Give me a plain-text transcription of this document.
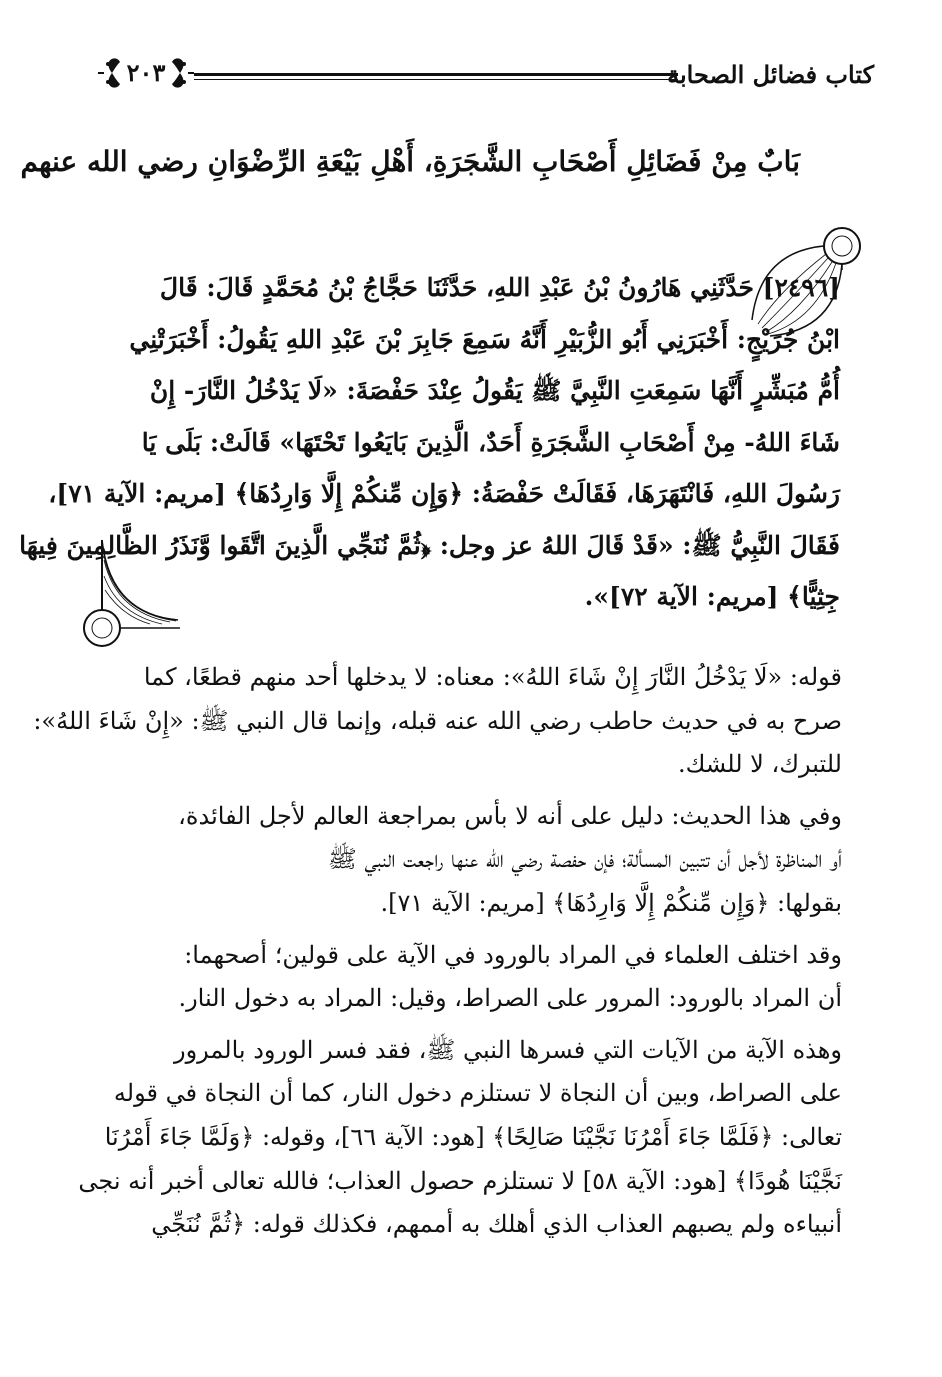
كتاب فضائل الصحابة
٢٠٣
بَابٌ مِنْ فَضَائِلِ أَصْحَابِ الشَّجَرَةِ، أَهْلِ بَيْعَةِ الرِّضْوَانِ رضي الله عنهم
[٢٤٩٦] حَدَّثَنِي هَارُونُ بْنُ عَبْدِ اللهِ، حَدَّثَنَا حَجَّاجُ بْنُ مُحَمَّدٍ قَالَ: قَالَ
ابْنُ جُرَيْجٍ: أَخْبَرَنِي أَبُو الزُّبَيْرِ أَنَّهُ سَمِعَ جَابِرَ بْنَ عَبْدِ اللهِ يَقُولُ: أَخْبَرَتْنِي
أُمُّ مُبَشِّرٍ أَنَّهَا سَمِعَتِ النَّبِيَّ ﷺ يَقُولُ عِنْدَ حَفْصَةَ: «لَا يَدْخُلُ النَّارَ- إِنْ
شَاءَ اللهُ- مِنْ أَصْحَابِ الشَّجَرَةِ أَحَدٌ، الَّذِينَ بَايَعُوا تَحْتَهَا» قَالَتْ: بَلَى يَا
رَسُولَ اللهِ، فَانْتَهَرَهَا، فَقَالَتْ حَفْصَةُ: ﴿وَإِن مِّنكُمْ إِلَّا وَارِدُهَا﴾ [مريم: الآية ٧١]،
فَقَالَ النَّبِيُّ ﷺ: «قَدْ قَالَ اللهُ عز وجل: ﴿ثُمَّ نُنَجِّي الَّذِينَ اتَّقَوا وَّنَذَرُ الظَّالِمِينَ فِيهَا
جِثِيًّا﴾ [مريم: الآية ٧٢]».
قوله: «لَا يَدْخُلُ النَّارَ إِنْ شَاءَ اللهُ»: معناه: لا يدخلها أحد منهم قطعًا، كما
صرح به في حديث حاطب رضي الله عنه قبله، وإنما قال النبي ﷺ: «إِنْ شَاءَ اللهُ»:
للتبرك، لا للشك.
وفي هذا الحديث: دليل على أنه لا بأس بمراجعة العالم لأجل الفائدة،
أو المناظرة لأجل أن تتبين المسألة؛ فإن حفصة رضي الله عنها راجعت النبي ﷺ
بقولها: ﴿وَإِن مِّنكُمْ إِلَّا وَارِدُهَا﴾ [مريم: الآية ٧١].
وقد اختلف العلماء في المراد بالورود في الآية على قولين؛ أصحهما:
أن المراد بالورود: المرور على الصراط، وقيل: المراد به دخول النار.
وهذه الآية من الآيات التي فسرها النبي ﷺ، فقد فسر الورود بالمرور
على الصراط، وبين أن النجاة لا تستلزم دخول النار، كما أن النجاة في قوله
تعالى: ﴿فَلَمَّا جَاءَ أَمْرُنَا نَجَّيْنَا صَالِحًا﴾ [هود: الآية ٦٦]، وقوله: ﴿وَلَمَّا جَاءَ أَمْرُنَا
نَجَّيْنَا هُودًا﴾ [هود: الآية ٥٨] لا تستلزم حصول العذاب؛ فالله تعالى أخبر أنه نجى
أنبياءه ولم يصبهم العذاب الذي أهلك به أممهم، فكذلك قوله: ﴿ثُمَّ نُنَجِّي
